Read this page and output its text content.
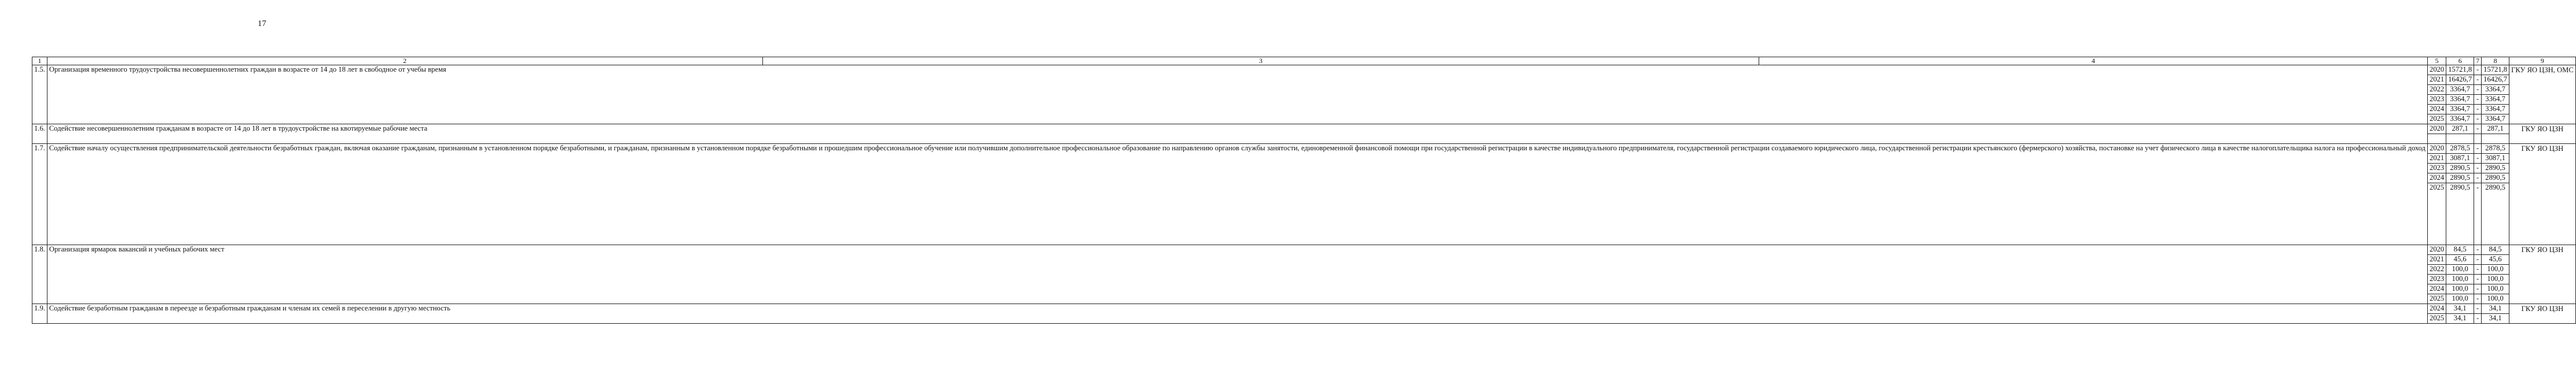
17
1	2	3	4	5	6	7	8	9
1.5.	Организация временного трудоустройства несовершеннолетних граждан в возрасте от 14 до 18 лет в свободное от учебы время			2020	15721,8	-	15721,8	ГКУ ЯО ЦЗН, ОМС
				2021	16426,7	-	16426,7	
				2022	3364,7	-	3364,7	
				2023	3364,7	-	3364,7	
				2024	3364,7	-	3364,7	
				2025	3364,7	-	3364,7	
1.6.	Содействие несовершеннолетним гражданам в возрасте от 14 до 18 лет в трудоустройстве на квотируемые рабочие места			2020	287,1	-	287,1	ГКУ ЯО ЦЗН

1.7.	Содействие началу осуществления предпринимательской деятельности безработных граждан, включая оказание гражданам, признанным в установленном порядке безработными, и гражданам, признанным в установленном порядке безработными и прошедшим профессиональное обучение или получившим дополнительное профессиональное образование по направлению органов службы занятости, единовременной финансовой помощи при государственной регистрации в качестве индивидуального предпринимателя, государственной регистрации создаваемого юридического лица, государственной регистрации крестьянского (фермерского) хозяйства, постановке на учет физического лица в качестве налогоплательщика налога на профессиональный доход			2020	2878,5	-	2878,5	ГКУ ЯО ЦЗН
				2021	3087,1	-	3087,1	
				2023	2890,5	-	2890,5	
				2024	2890,5	-	2890,5	
				2025	2890,5	-	2890,5	
1.8.	Организация ярмарок вакансий и учебных рабочих мест			2020	84,5	-	84,5	ГКУ ЯО ЦЗН
				2021	45,6	-	45,6	
				2022	100,0	-	100,0	
				2023	100,0	-	100,0	
				2024	100,0	-	100,0	
				2025	100,0	-	100,0	
1.9.	Содействие безработным гражданам в переезде и безработным гражданам и членам их семей в переселении в другую местность			2024	34,1	-	34,1	ГКУ ЯО ЦЗН
				2025	34,1	-	34,1	
